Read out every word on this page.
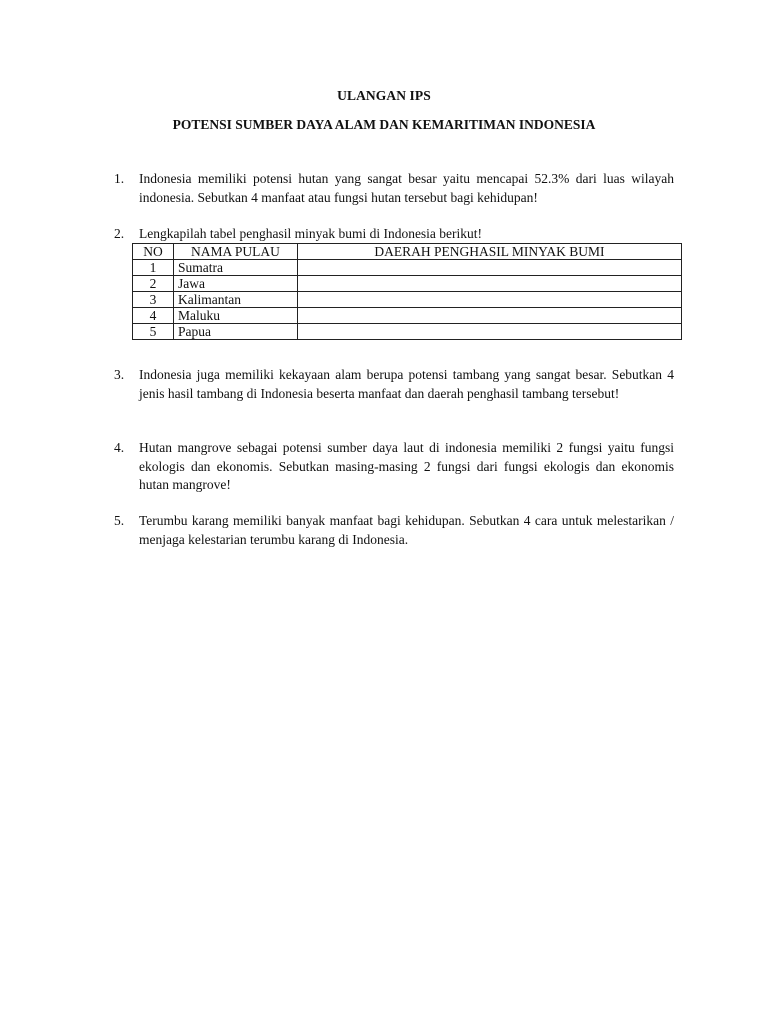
ULANGAN IPS
POTENSI SUMBER DAYA ALAM DAN KEMARITIMAN INDONESIA
1.	Indonesia memiliki potensi hutan yang sangat besar yaitu mencapai 52.3% dari luas wilayah indonesia. Sebutkan 4 manfaat atau fungsi hutan tersebut bagi kehidupan!
2.	Lengkapilah tabel penghasil minyak bumi di Indonesia berikut!
NO	NAMA PULAU	DAERAH PENGHASIL MINYAK BUMI
1	Sumatra	
2	Jawa	
3	Kalimantan	
4	Maluku	
5	Papua	
3.	Indonesia juga memiliki kekayaan alam berupa potensi tambang yang sangat besar. Sebutkan 4 jenis hasil tambang di Indonesia beserta manfaat dan daerah penghasil tambang tersebut!
4.	Hutan mangrove sebagai potensi sumber daya laut di indonesia memiliki 2 fungsi yaitu fungsi ekologis dan ekonomis. Sebutkan masing-masing 2 fungsi dari fungsi ekologis dan ekonomis hutan mangrove!
5.	Terumbu karang memiliki banyak manfaat bagi kehidupan. Sebutkan 4 cara untuk melestarikan / menjaga kelestarian terumbu karang di Indonesia.
